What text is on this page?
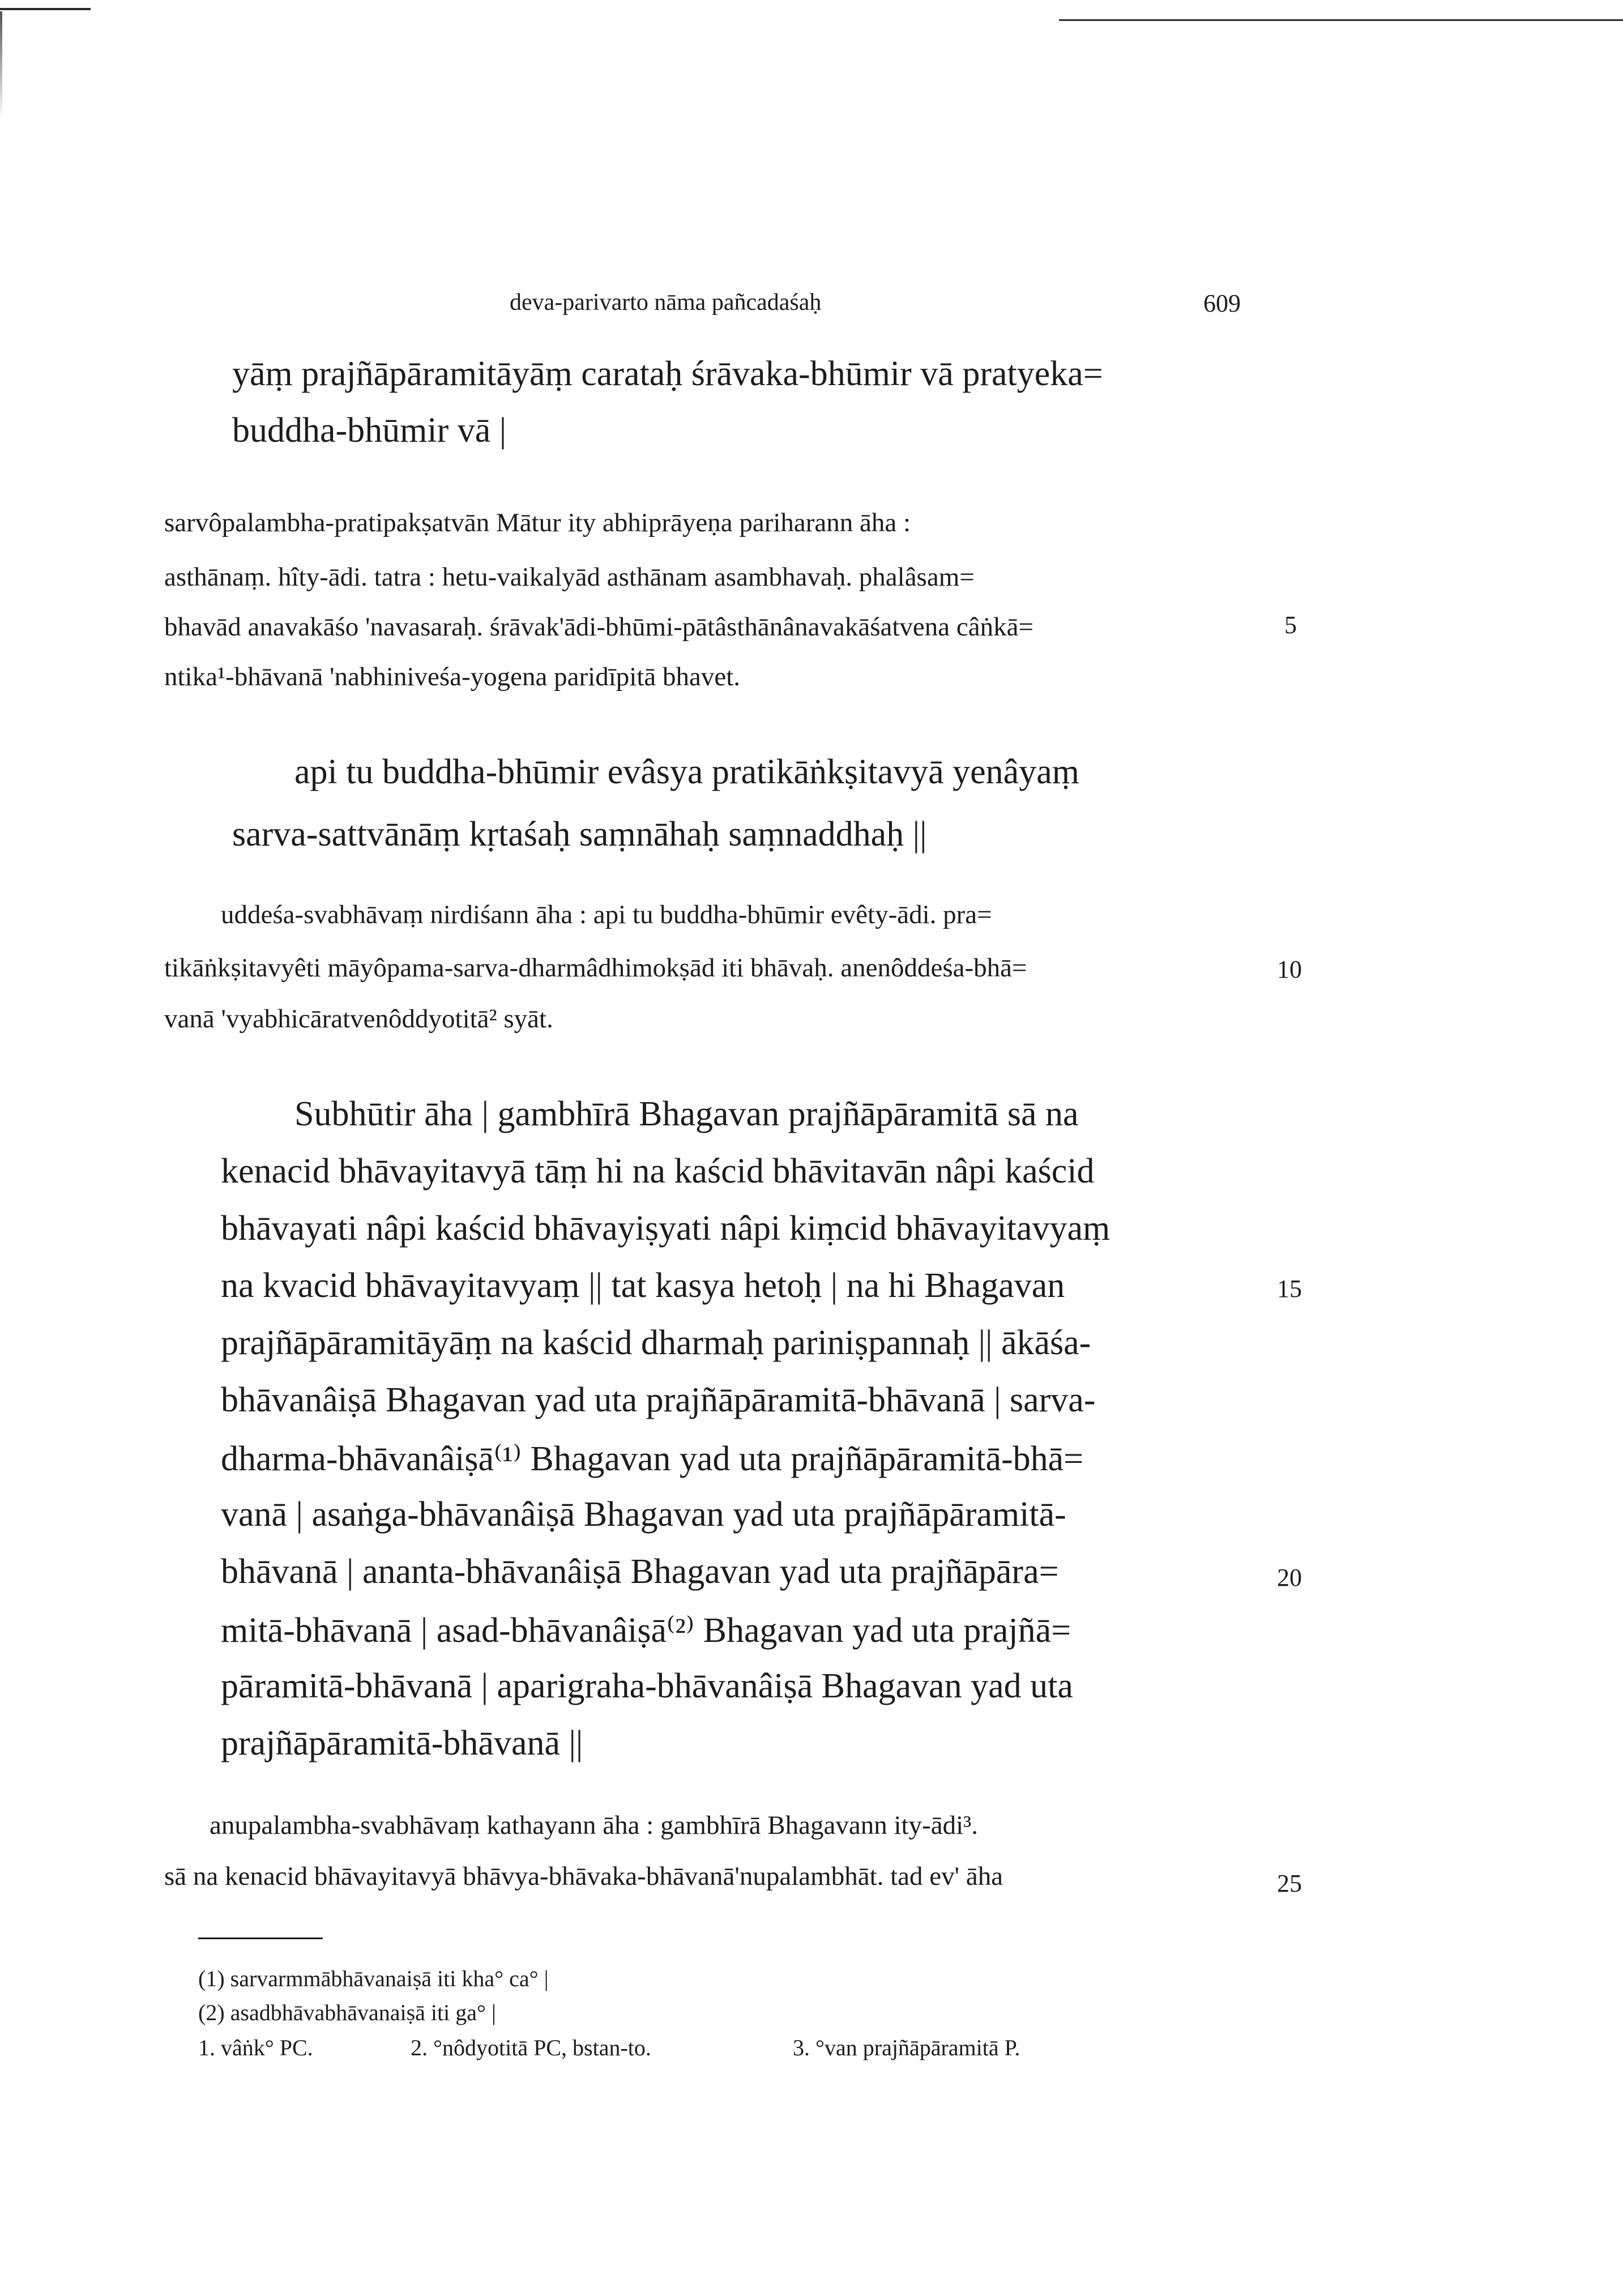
deva-parivarto nāma pañcadaśaḥ	609
yāṃ prajñāpāramitāyāṃ carataḥ śrāvaka-bhūmir vā pratyeka=
buddha-bhūmir vā |
sarvôpalambha-pratipakṣatvān Mātur ity abhiprāyeṇa pariharann āha :
asthānaṃ. hîty-ādi. tatra : hetu-vaikalyād asthānam asambhavaḥ. phalâsam=
bhavād anavakāśo 'navasaraḥ. śrāvak'ādi-bhūmi-pātâsthānânavakāśatvena câṅkā=
ntika¹-bhāvanā 'nabhiniveśa-yogena paridīpitā bhavet.
api tu buddha-bhūmir evâsya pratikāṅkṣitavyā yenâyaṃ
sarva-sattvānāṃ kṛtaśaḥ saṃnāhaḥ saṃnaddhaḥ ||
uddeśa-svabhāvaṃ nirdiśann āha : api tu buddha-bhūmir evêty-ādi. pra=
tikāṅkṣitavyêti māyôpama-sarva-dharmâdhimokṣād iti bhāvaḥ. anenôddeśa-bhā=
vanā 'vyabhicāratvenôddyotitā² syāt.
Subhūtir āha | gambhīrā Bhagavan prajñāpāramitā sā na
kenacid bhāvayitavyā tāṃ hi na kaścid bhāvitavān nâpi kaścid
bhāvayati nâpi kaścid bhāvayiṣyati nâpi kiṃcid bhāvayitavyaṃ
na kvacid bhāvayitavyaṃ || tat kasya hetoḥ | na hi Bhagavan
prajñāpāramitāyāṃ na kaścid dharmaḥ pariniṣpannaḥ || ākāśa-
bhāvanâiṣā Bhagavan yad uta prajñāpāramitā-bhāvanā | sarva-
dharma-bhāvanâiṣā⁽¹⁾ Bhagavan yad uta prajñāpāramitā-bhā=
vanā | asaṅga-bhāvanâiṣā Bhagavan yad uta prajñāpāramitā-
bhāvanā | ananta-bhāvanâiṣā Bhagavan yad uta prajñāpāra=
mitā-bhāvanā | asad-bhāvanâiṣā⁽²⁾ Bhagavan yad uta prajñā=
pāramitā-bhāvanā | aparigraha-bhāvanâiṣā Bhagavan yad uta
prajñāpāramitā-bhāvanā ||
anupalambha-svabhāvaṃ kathayann āha : gambhīrā Bhagavann ity-ādi³.
sā na kenacid bhāvayitavyā bhāvya-bhāvaka-bhāvanā'nupalambhāt. tad ev' āha
5
10
15
20
25
(1) sarvarmmābhāvanaiṣā iti kha° ca° |
(2) asadbhāvabhāvanaiṣā iti ga° |
1. vâṅk° PC.	2. °nôdyotitā PC, bstan-to.	3. °van prajñāpāramitā P.
